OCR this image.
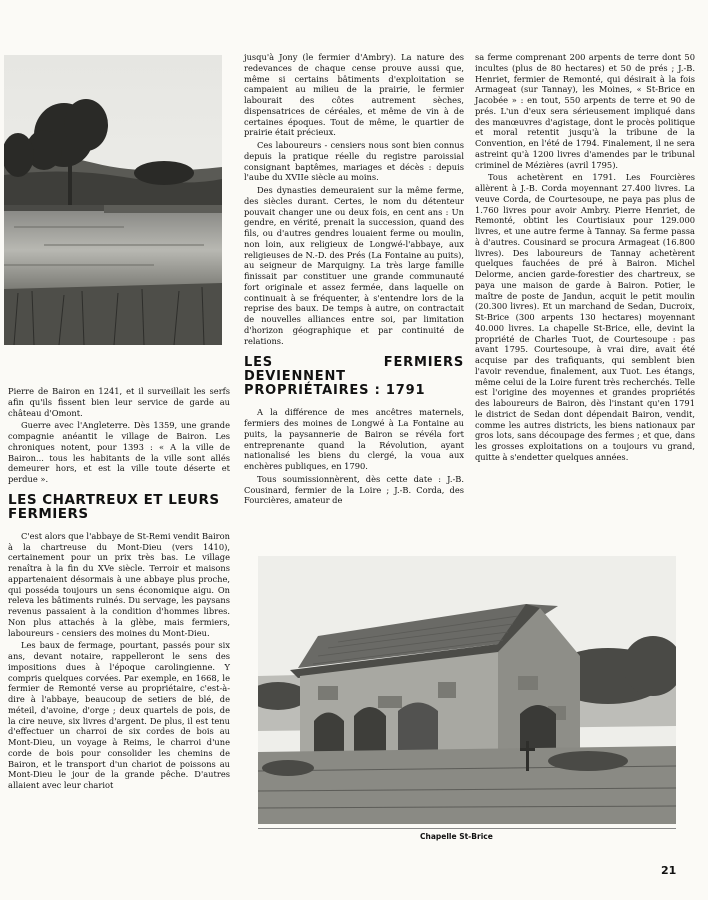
Pierre de Bairon en 1241, et il surveillait les serfs afin qu'ils fissent bien leur service de garde au château d'Omont.

Guerre avec l'Angleterre. Dès 1359, une grande compagnie anéantit le village de Bairon. Les chroniques notent, pour 1393 : « A la ville de Bairon... tous les habitants de la ville sont allés demeurer hors, et est la ville toute déserte et perdue ».

LES CHARTREUX ET LEURS FERMIERS

C'est alors que l'abbaye de St-Remi vendit Bairon à la chartreuse du Mont-Dieu (vers 1410), certainement pour un prix très bas. Le village renaîtra à la fin du XVe siècle. Terroir et maisons appartenaient désormais à une abbaye plus proche, qui posséda toujours un sens économique aigu. On releva les bâtiments ruinés. Du servage, les paysans revenus passaient à la condition d'hommes libres. Non plus attachés à la glèbe, mais fermiers, laboureurs - censiers des moines du Mont-Dieu.

Les baux de fermage, pourtant, passés pour six ans, devant notaire, rappelleront le sens des impositions dues à l'époque carolingienne. Y compris quelques corvées. Par exemple, en 1668, le fermier de Remonté verse au propriétaire, c'est-à-dire à l'abbaye, beaucoup de setiers de blé, de méteil, d'avoine, d'orge ; deux quartels de pois, de la cire neuve, six livres d'argent. De plus, il est tenu d'effectuer un charroi de six cordes de bois au Mont-Dieu, un voyage à Reims, le charroi d'une corde de bois pour consolider les chemins de Bairon, et le transport d'un chariot de poissons au Mont-Dieu le jour de la grande pêche. D'autres allaient avec leur chariot

jusqu'à Jony (le fermier d'Ambry). La nature des redevances de chaque cense prouve aussi que, même si certains bâtiments d'exploitation se campaient au milieu de la prairie, le fermier labourait des côtes autrement sèches, dispensatrices de céréales, et même de vin à de certaines époques. Tout de même, le quartier de prairie était précieux.

Ces laboureurs - censiers nous sont bien connus depuis la pratique réelle du registre paroissial consignant baptêmes, mariages et décès : depuis l'aube du XVIIe siècle au moins.

Des dynasties demeuraient sur la même ferme, des siècles durant. Certes, le nom du détenteur pouvait changer une ou deux fois, en cent ans : Un gendre, en vérité, prenait la succession, quand des fils, ou d'autres gendres louaient ferme ou moulin, non loin, aux religieux de Longwé-l'abbaye, aux religieuses de N.-D. des Prés (La Fontaine au puits), au seigneur de Marquigny. La très large famille finissait par constituer une grande communauté fort originale et assez fermée, dans laquelle on continuait à se fréquenter, à s'entendre lors de la reprise des baux. De temps à autre, on contractait de nouvelles alliances entre soi, par limitation d'horizon géographique et par continuité de relations.

LES FERMIERS DEVIENNENT PROPRIÉTAIRES : 1791

A la différence de mes ancêtres maternels, fermiers des moines de Longwé à La Fontaine au puits, la paysannerie de Bairon se révéla fort entreprenante quand la Révolution, ayant nationalisé les biens du clergé, la voua aux enchères publiques, en 1790.

Tous soumissionnèrent, dès cette date : J.-B. Cousinard, fermier de la Loire ; J.-B. Corda, des Fourcières, amateur de

sa ferme comprenant 200 arpents de terre dont 50 incultes (plus de 80 hectares) et 50 de prés ; J.-B. Henriet, fermier de Remonté, qui désirait à la fois Armageat (sur Tannay), les Moines, « St-Brice en Jacobée » : en tout, 550 arpents de terre et 90 de prés. L'un d'eux sera sérieusement impliqué dans des manœuvres d'agistage, dont le procès politique et moral retentit jusqu'à la tribune de la Convention, en l'été de 1794. Finalement, il ne sera astreint qu'à 1200 livres d'amendes par le tribunal criminel de Mézières (avril 1795).

Tous achetèrent en 1791. Les Fourcières allèrent à J.-B. Corda moyennant 27.400 livres. La veuve Corda, de Courtesoupe, ne paya pas plus de 1.760 livres pour avoir Ambry. Pierre Henriet, de Remonté, obtint les Courtisiaux pour 129.000 livres, et une autre ferme à Tannay. Sa ferme passa à d'autres. Cousinard se procura Armageat (16.800 livres). Des laboureurs de Tannay achetèrent quelques fauchées de pré à Bairon. Michel Delorme, ancien garde-forestier des chartreux, se paya une maison de garde à Bairon. Potier, le maître de poste de Jandun, acquit le petit moulin (20.300 livres). Et un marchand de Sedan, Ducroix, St-Brice (300 arpents 130 hectares) moyennant 40.000 livres. La chapelle St-Brice, elle, devint la propriété de Charles Tuot, de Courtesoupe : pas avant 1795. Courtesoupe, à vrai dire, avait été acquise par des trafiquants, qui semblent bien l'avoir revendue, finalement, aux Tuot. Les étangs, même celui de la Loire furent très recherchés. Telle est l'origine des moyennes et grandes propriétés des laboureurs de Bairon, dès l'instant qu'en 1791 le district de Sedan dont dépendait Bairon, vendit, comme les autres districts, les biens nationaux par gros lots, sans découpage des fermes ; et que, dans les grosses exploitations on a toujours vu grand, quitte à s'endetter quelques années.

Chapelle St-Brice
21
